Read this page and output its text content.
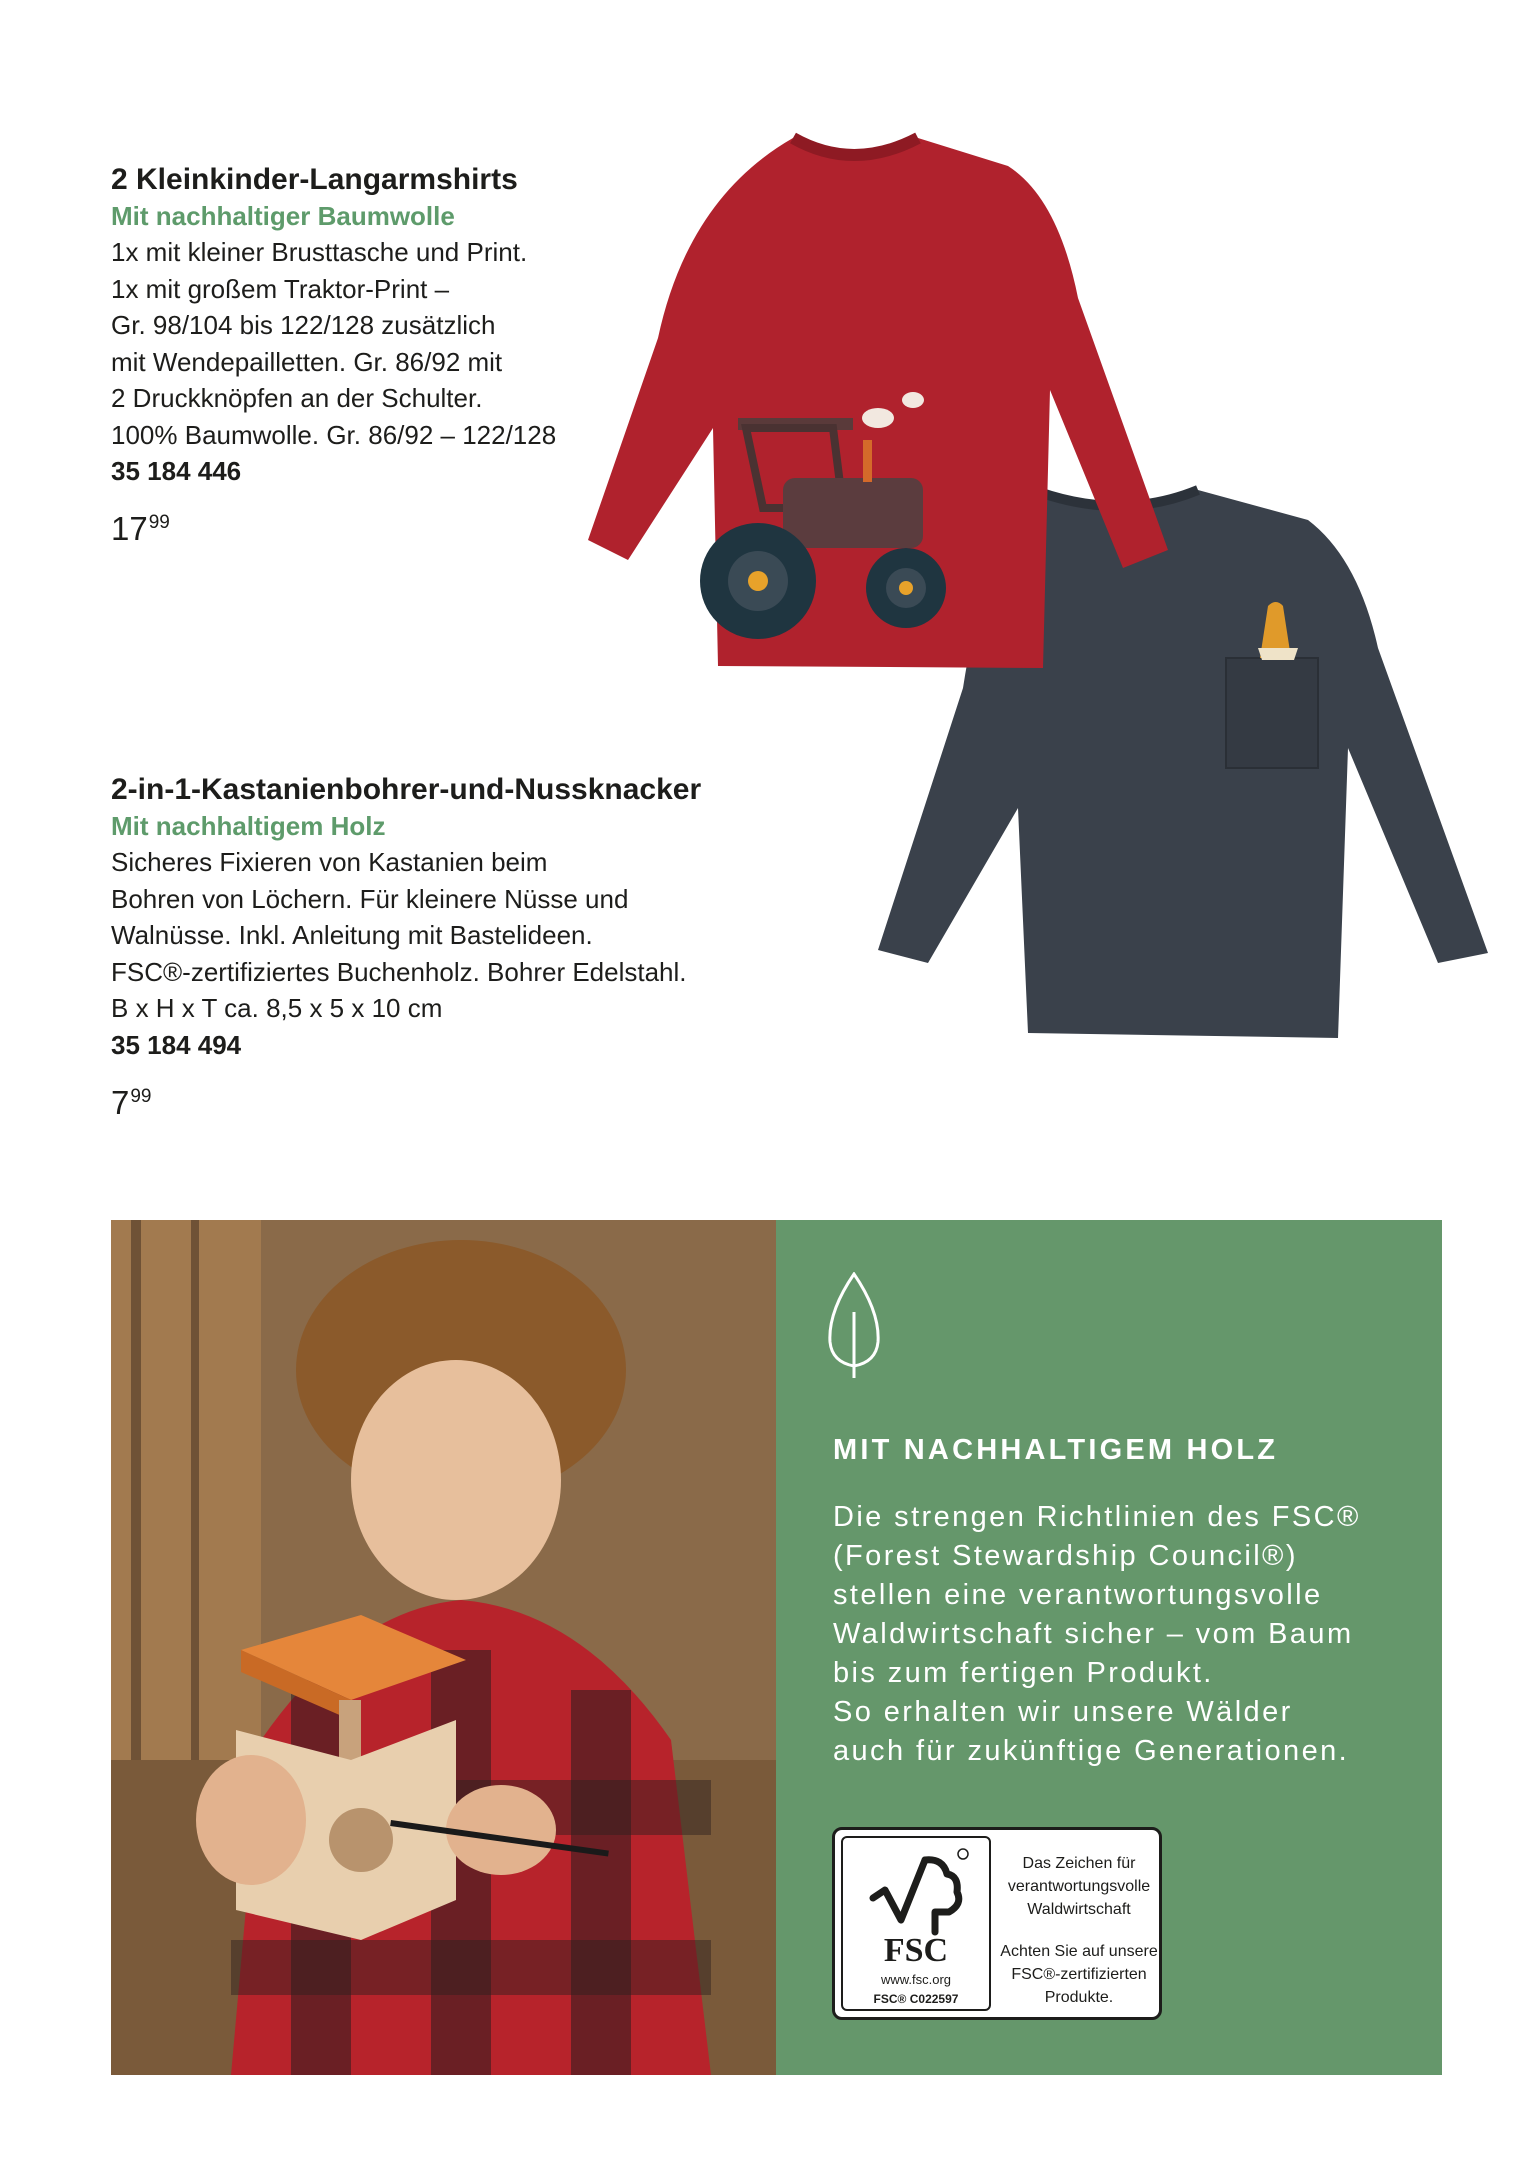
2 Kleinkinder-Langarmshirts

Mit nachhaltiger Baumwolle

1x mit kleiner Brusttasche und Print.

1x mit großem Traktor-Print –

Gr. 98/104 bis 122/128 zusätzlich

mit Wendepailletten. Gr. 86/92 mit

2 Druckknöpfen an der Schulter.

100% Baumwolle. Gr. 86/92 – 122/128

35 184 446

$17^{99}$
2-in-1-Kastanienbohrer-und-Nussknacker

Mit nachhaltigem Holz

Sicheres Fixieren von Kastanien beim

Bohren von Löchern. Für kleinere Nüsse und

Walnüsse. Inkl. Anleitung mit Bastelideen.

FSC®-zertifiziertes Buchenholz. Bohrer Edelstahl.

B x H x T ca. 8,5 x 5 x 10 cm

35 184 494

$7^{99}$
MIT NACHHALTIGEM HOLZ

Die strengen Richtlinien des FSC®

(Forest Stewardship Council®)

stellen eine verantwortungsvolle

Waldwirtschaft sicher – vom Baum

bis zum fertigen Produkt.

So erhalten wir unsere Wälder

auch für zukünftige Generationen.

FSC
www.fsc.org
FSC® C022597
Das Zeichen für
verantwortungsvolle
Waldwirtschaft
Achten Sie auf unsere
FSC®-zertifizierten
Produkte.
